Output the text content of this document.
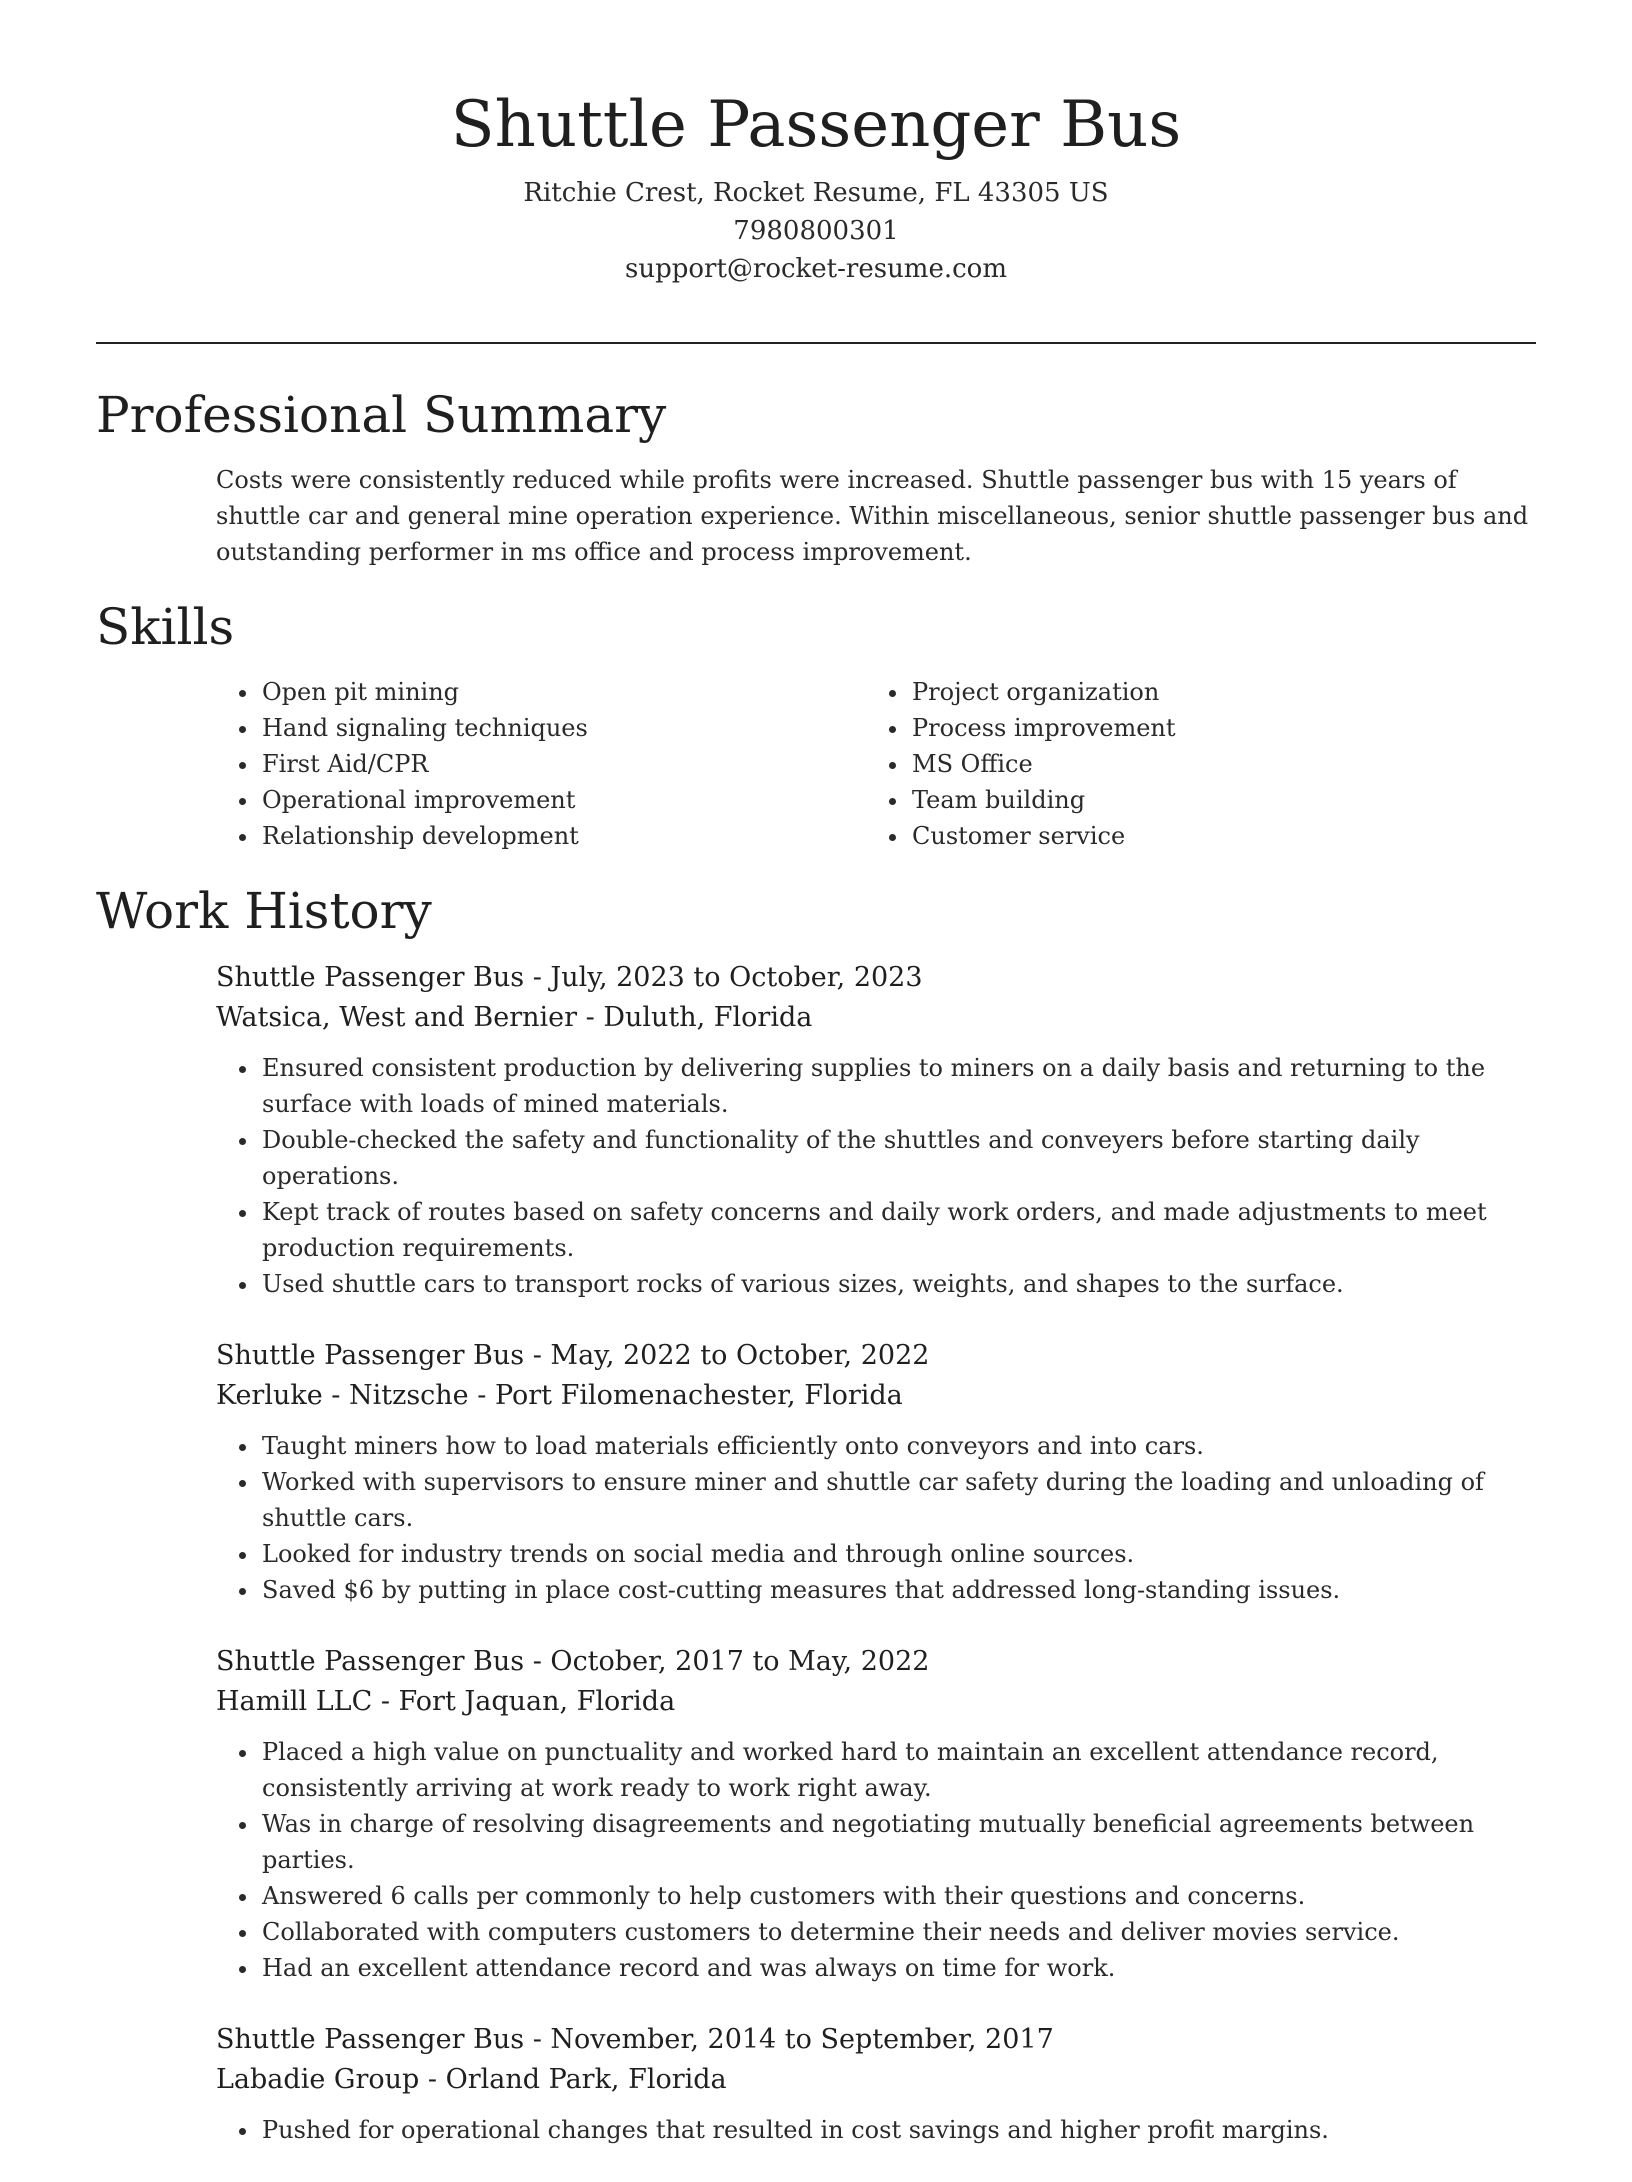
Shuttle Passenger Bus
Ritchie Crest, Rocket Resume, FL 43305 US
7980800301
support@rocket-resume.com
Professional Summary

Costs were consistently reduced while profits were increased. Shuttle passenger bus with 15 years of shuttle car and general mine operation experience. Within miscellaneous, senior shuttle passenger bus and outstanding performer in ms office and process improvement.

Skills
• Open pit mining
• Hand signaling techniques
• First Aid/CPR
• Operational improvement
• Relationship development
• Project organization
• Process improvement
• MS Office
• Team building
• Customer service
Work History
Shuttle Passenger Bus - July, 2023 to October, 2023
Watsica, West and Bernier - Duluth, Florida
• Ensured consistent production by delivering supplies to miners on a daily basis and returning to the surface with loads of mined materials.
• Double-checked the safety and functionality of the shuttles and conveyers before starting daily operations.
• Kept track of routes based on safety concerns and daily work orders, and made adjustments to meet production requirements.
• Used shuttle cars to transport rocks of various sizes, weights, and shapes to the surface.
Shuttle Passenger Bus - May, 2022 to October, 2022
Kerluke - Nitzsche - Port Filomenachester, Florida
• Taught miners how to load materials efficiently onto conveyors and into cars.
• Worked with supervisors to ensure miner and shuttle car safety during the loading and unloading of shuttle cars.
• Looked for industry trends on social media and through online sources.
• Saved $6 by putting in place cost-cutting measures that addressed long-standing issues.
Shuttle Passenger Bus - October, 2017 to May, 2022
Hamill LLC - Fort Jaquan, Florida
• Placed a high value on punctuality and worked hard to maintain an excellent attendance record, consistently arriving at work ready to work right away.
• Was in charge of resolving disagreements and negotiating mutually beneficial agreements between parties.
• Answered 6 calls per commonly to help customers with their questions and concerns.
• Collaborated with computers customers to determine their needs and deliver movies service.
• Had an excellent attendance record and was always on time for work.
Shuttle Passenger Bus - November, 2014 to September, 2017
Labadie Group - Orland Park, Florida
• Pushed for operational changes that resulted in cost savings and higher profit margins.
